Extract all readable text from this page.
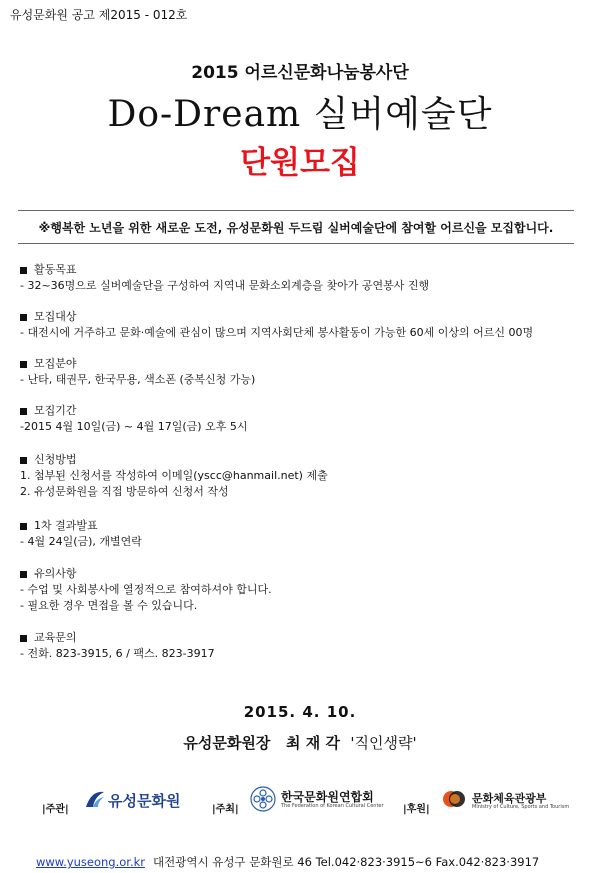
유성문화원 공고 제2015 - 012호
2015 어르신문화나눔봉사단
Do-Dream 실버예술단
단원모집
※행복한 노년을 위한 새로운 도전, 유성문화원 두드림 실버예술단에 참여할 어르신을 모집합니다.
활동목표
- 32~36명으로 실버예술단을 구성하여 지역내 문화소외계층을 찾아가 공연봉사 진행
모집대상
- 대전시에 거주하고 문화·예술에 관심이 많으며 지역사회단체 봉사활동이 가능한 60세 이상의 어르신 00명
모집분야
- 난타, 태권무, 한국무용, 색소폰 (중복신청 가능)
모집기간
-2015 4월 10일(금) ~ 4월 17일(금) 오후 5시
신청방법
1. 첨부된 신청서를 작성하여 이메일(yscc@hanmail.net) 제출
2. 유성문화원을 직접 방문하여 신청서 작성
1차 결과발표
- 4월 24일(금), 개별연락
유의사항
- 수업 및 사회봉사에 열정적으로 참여하셔야 합니다.
- 필요한 경우 면접을 볼 수 있습니다.
교육문의
- 전화. 823-3915, 6 / 팩스. 823-3917
2015. 4. 10.
유성문화원장 최 재 각 '직인생략'
|주관|	유성문화원	|주최|
한국문화원연합회
The Federation of Korean Cultural Center |후원|
문화체육관광부
Ministry of Culture, Sports and Tourism
www.yuseong.or.kr 대전광역시 유성구 문화원로 46 Tel.042·823·3915~6 Fax.042·823·3917
